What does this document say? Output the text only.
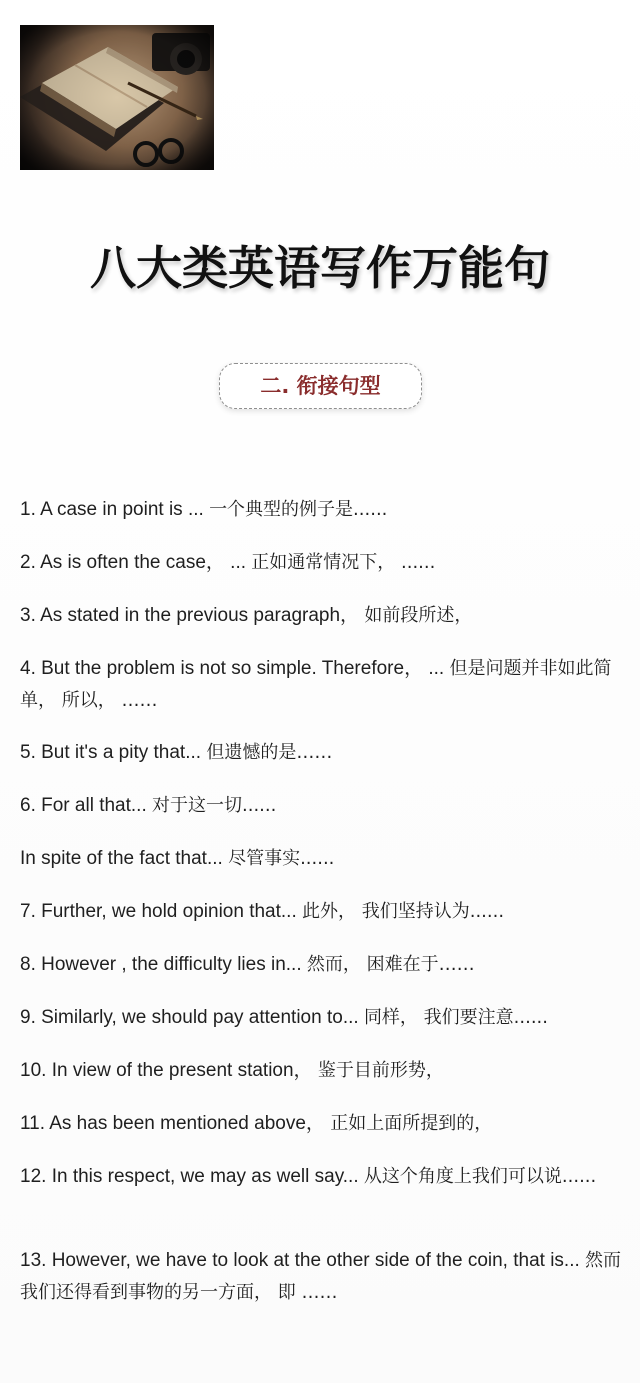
八大类英语写作万能句
二. 衔接句型
1. A case in point is ... 一个典型的例子是......
2. As is often the case， ... 正如通常情况下， ......
3. As stated in the previous paragraph， 如前段所述，
4. But the problem is not so simple. Therefore， ... 但是问题并非如此简单， 所以， ……
5. But it's a pity that... 但遗憾的是……
6. For all that... 对于这一切......
In spite of the fact that... 尽管事实......
7. Further, we hold opinion that... 此外， 我们坚持认为......
8. However , the difficulty lies in... 然而， 困难在于……
9. Similarly, we should pay attention to... 同样， 我们要注意......
10. In view of the present station， 鉴于目前形势，
11. As has been mentioned above， 正如上面所提到的，
12. In this respect, we may as well say... 从这个角度上我们可以说......
13. However, we have to look at the other side of the coin, that is... 然而我们还得看到事物的另一方面， 即 ……
